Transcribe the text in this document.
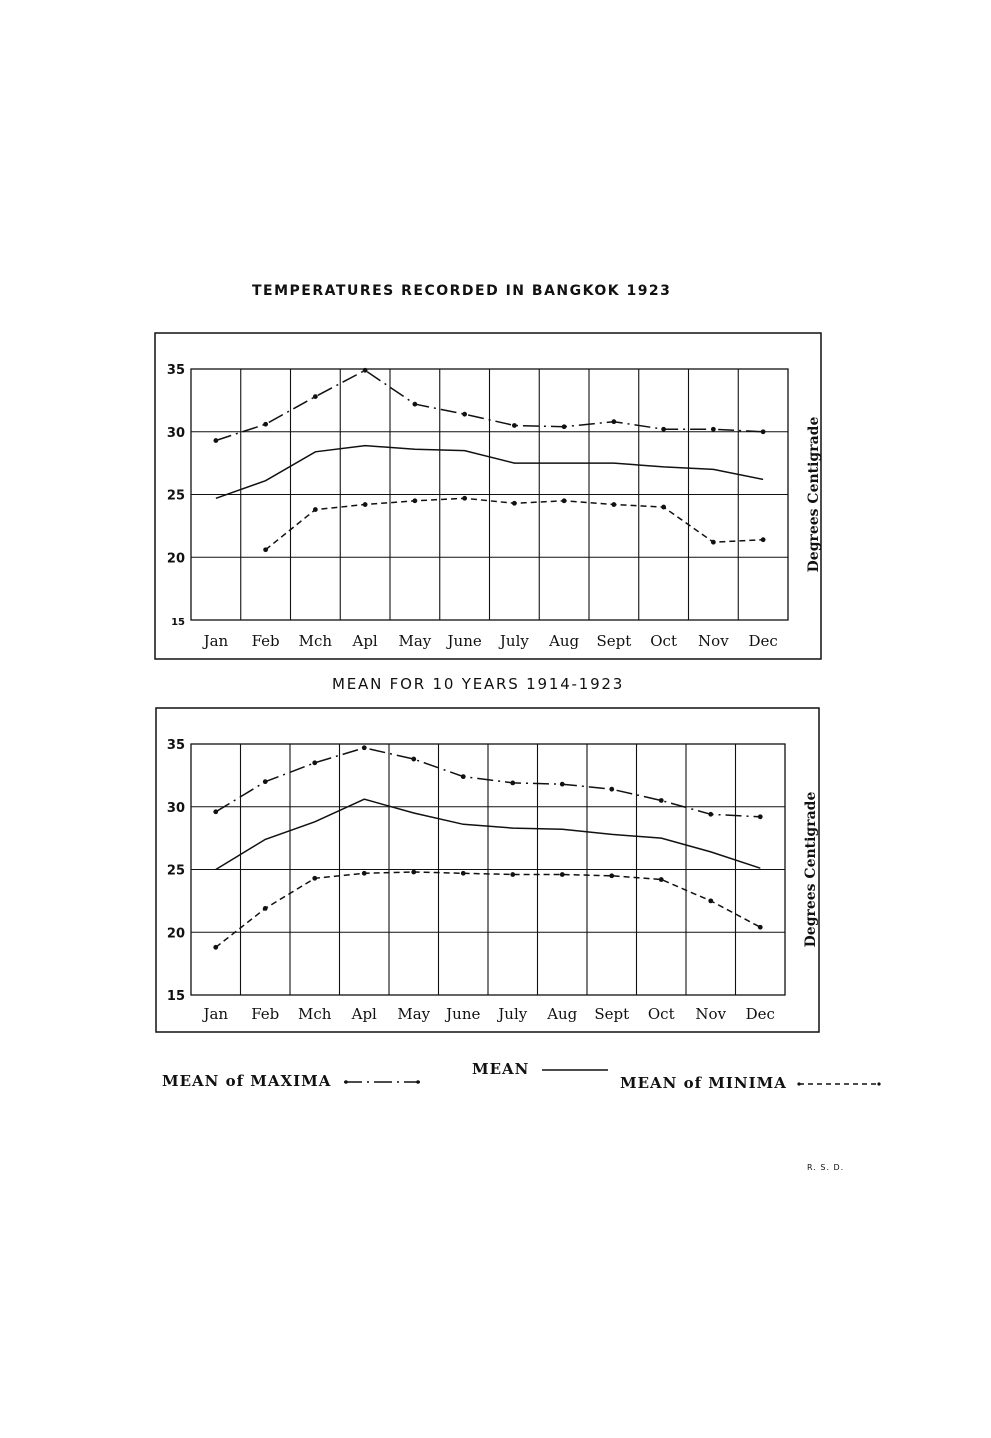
TEMPERATURES RECORDED IN BANGKOK 1923
15
20
25
30
35
Jan Feb Mch Apl May June July Aug Sept Oct Nov Dec
Degrees Centigrade
MEAN FOR 10 YEARS 1914-1923
15
20
25
30
35
Jan Feb Mch Apl May June July Aug Sept Oct Nov Dec
Degrees Centigrade
MEAN of MAXIMA
MEAN
MEAN of MINIMA
R. S. D.
